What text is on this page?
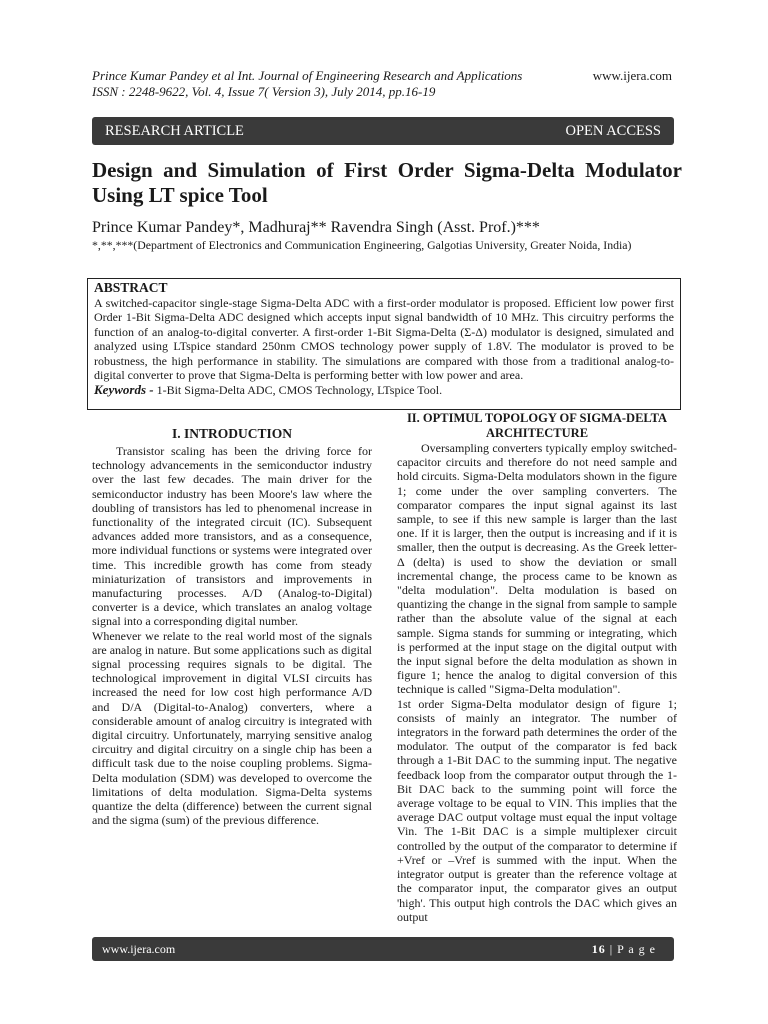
Prince Kumar Pandey et al Int. Journal of Engineering Research and Applications	www.ijera.com
ISSN : 2248-9622, Vol. 4, Issue 7( Version 3), July 2014, pp.16-19
RESEARCH ARTICLE	OPEN ACCESS
Design and Simulation of First Order Sigma-Delta Modulator Using LT spice Tool
Prince Kumar Pandey*, Madhuraj** Ravendra Singh (Asst. Prof.)***
*,**,***(Department of Electronics and Communication Engineering, Galgotias University, Greater Noida, India)
ABSTRACT
A switched-capacitor single-stage Sigma-Delta ADC with a first-order modulator is proposed. Efficient low power first Order 1-Bit Sigma-Delta ADC designed which accepts input signal bandwidth of 10 MHz. This circuitry performs the function of an analog-to-digital converter. A first-order 1-Bit Sigma-Delta (Σ-Δ) modulator is designed, simulated and analyzed using LTspice standard 250nm CMOS technology power supply of 1.8V. The modulator is proved to be robustness, the high performance in stability. The simulations are compared with those from a traditional analog-to-digital converter to prove that Sigma-Delta is performing better with low power and area.
Keywords - 1-Bit Sigma-Delta ADC, CMOS Technology, LTspice Tool.
I. INTRODUCTION

Transistor scaling has been the driving force for technology advancements in the semiconductor industry over the last few decades. The main driver for the semiconductor industry has been Moore's law where the doubling of transistors has led to phenomenal increase in functionality of the integrated circuit (IC). Subsequent advances added more transistors, and as a consequence, more individual functions or systems were integrated over time. This incredible growth has come from steady miniaturization of transistors and improvements in manufacturing processes. A/D (Analog-to-Digital) converter is a device, which translates an analog voltage signal into a corresponding digital number.

Whenever we relate to the real world most of the signals are analog in nature. But some applications such as digital signal processing requires signals to be digital. The technological improvement in digital VLSI circuits has increased the need for low cost high performance A/D and D/A (Digital-to-Analog) converters, where a considerable amount of analog circuitry is integrated with digital circuitry. Unfortunately, marrying sensitive analog circuitry and digital circuitry on a single chip has been a difficult task due to the noise coupling problems. Sigma-Delta modulation (SDM) was developed to overcome the limitations of delta modulation. Sigma-Delta systems quantize the delta (difference) between the current signal and the sigma (sum) of the previous difference.

II. OPTIMUL TOPOLOGY OF SIGMA-DELTA
ARCHITECTURE

Oversampling converters typically employ switched-capacitor circuits and therefore do not need sample and hold circuits. Sigma-Delta modulators shown in the figure 1; come under the over sampling converters. The comparator compares the input signal against its last sample, to see if this new sample is larger than the last one. If it is larger, then the output is increasing and if it is smaller, then the output is decreasing. As the Greek letter-Δ (delta) is used to show the deviation or small incremental change, the process came to be known as "delta modulation". Delta modulation is based on quantizing the change in the signal from sample to sample rather than the absolute value of the signal at each sample. Sigma stands for summing or integrating, which is performed at the input stage on the digital output with the input signal before the delta modulation as shown in figure 1; hence the analog to digital conversion of this technique is called "Sigma-Delta modulation".

1st order Sigma-Delta modulator design of figure 1; consists of mainly an integrator. The number of integrators in the forward path determines the order of the modulator. The output of the comparator is fed back through a 1-Bit DAC to the summing input. The negative feedback loop from the comparator output through the 1-Bit DAC back to the summing point will force the average voltage to be equal to VIN. This implies that the average DAC output voltage must equal the input voltage Vin. The 1-Bit DAC is a simple multiplexer circuit controlled by the output of the comparator to determine if +Vref or –Vref is summed with the input. When the integrator output is greater than the reference voltage at the comparator input, the comparator gives an output 'high'. This output high controls the DAC which gives an output

www.ijera.com	16 | P a g e
